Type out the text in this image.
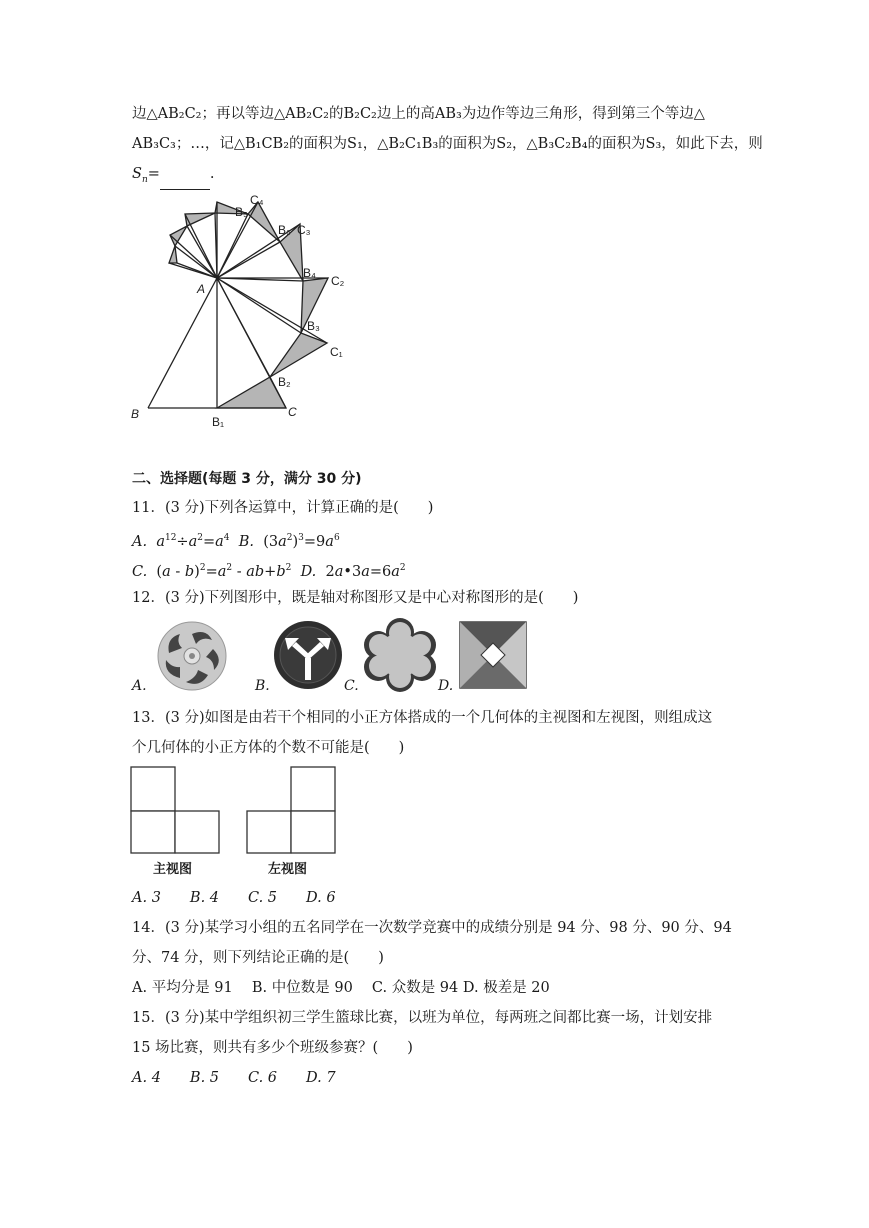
边△AB₂C₂；再以等边△AB₂C₂的B₂C₂边上的高AB₃为边作等边三角形，得到第三个等边△
AB₃C₃；…，记△B₁CB₂的面积为S₁，△B₂C₁B₃的面积为S₂，△B₃C₂B₄的面积为S₃，如此下去，则
$S_n=$	.
A
B
B₁
C
B₂
C₁
B₃
C₂
B₄
B₅
C₃
B₆
C₄
二、选择题(每题 3 分，满分 30 分)
11．(3 分)下列各运算中，计算正确的是(　　)
A. $a^{12}\div a^2=a^4$ B. $(3a^2)^3=9a^6$
C. $(a - b)^2=a^2 - ab+b^2$ D. $2a•3a=6a^2$
12．(3 分)下列图形中，既是轴对称图形又是中心对称图形的是(　　)
A.	B.	C.	D.
13．(3 分)如图是由若干个相同的小正方体搭成的一个几何体的主视图和左视图，则组成这
个几何体的小正方体的个数不可能是(　　)
主视图	左视图
A. 3　　B. 4　　C. 5　　D. 6
14．(3 分)某学习小组的五名同学在一次数学竞赛中的成绩分别是 94 分、98 分、90 分、94
分、74 分，则下列结论正确的是(　　)
A. 平均分是 91　 B. 中位数是 90　 C. 众数是 94 D. 极差是 20
15．(3 分)某中学组织初三学生篮球比赛，以班为单位，每两班之间都比赛一场，计划安排
15 场比赛，则共有多少个班级参赛？(　　)
A. 4　　B. 5　　C. 6　　D. 7
